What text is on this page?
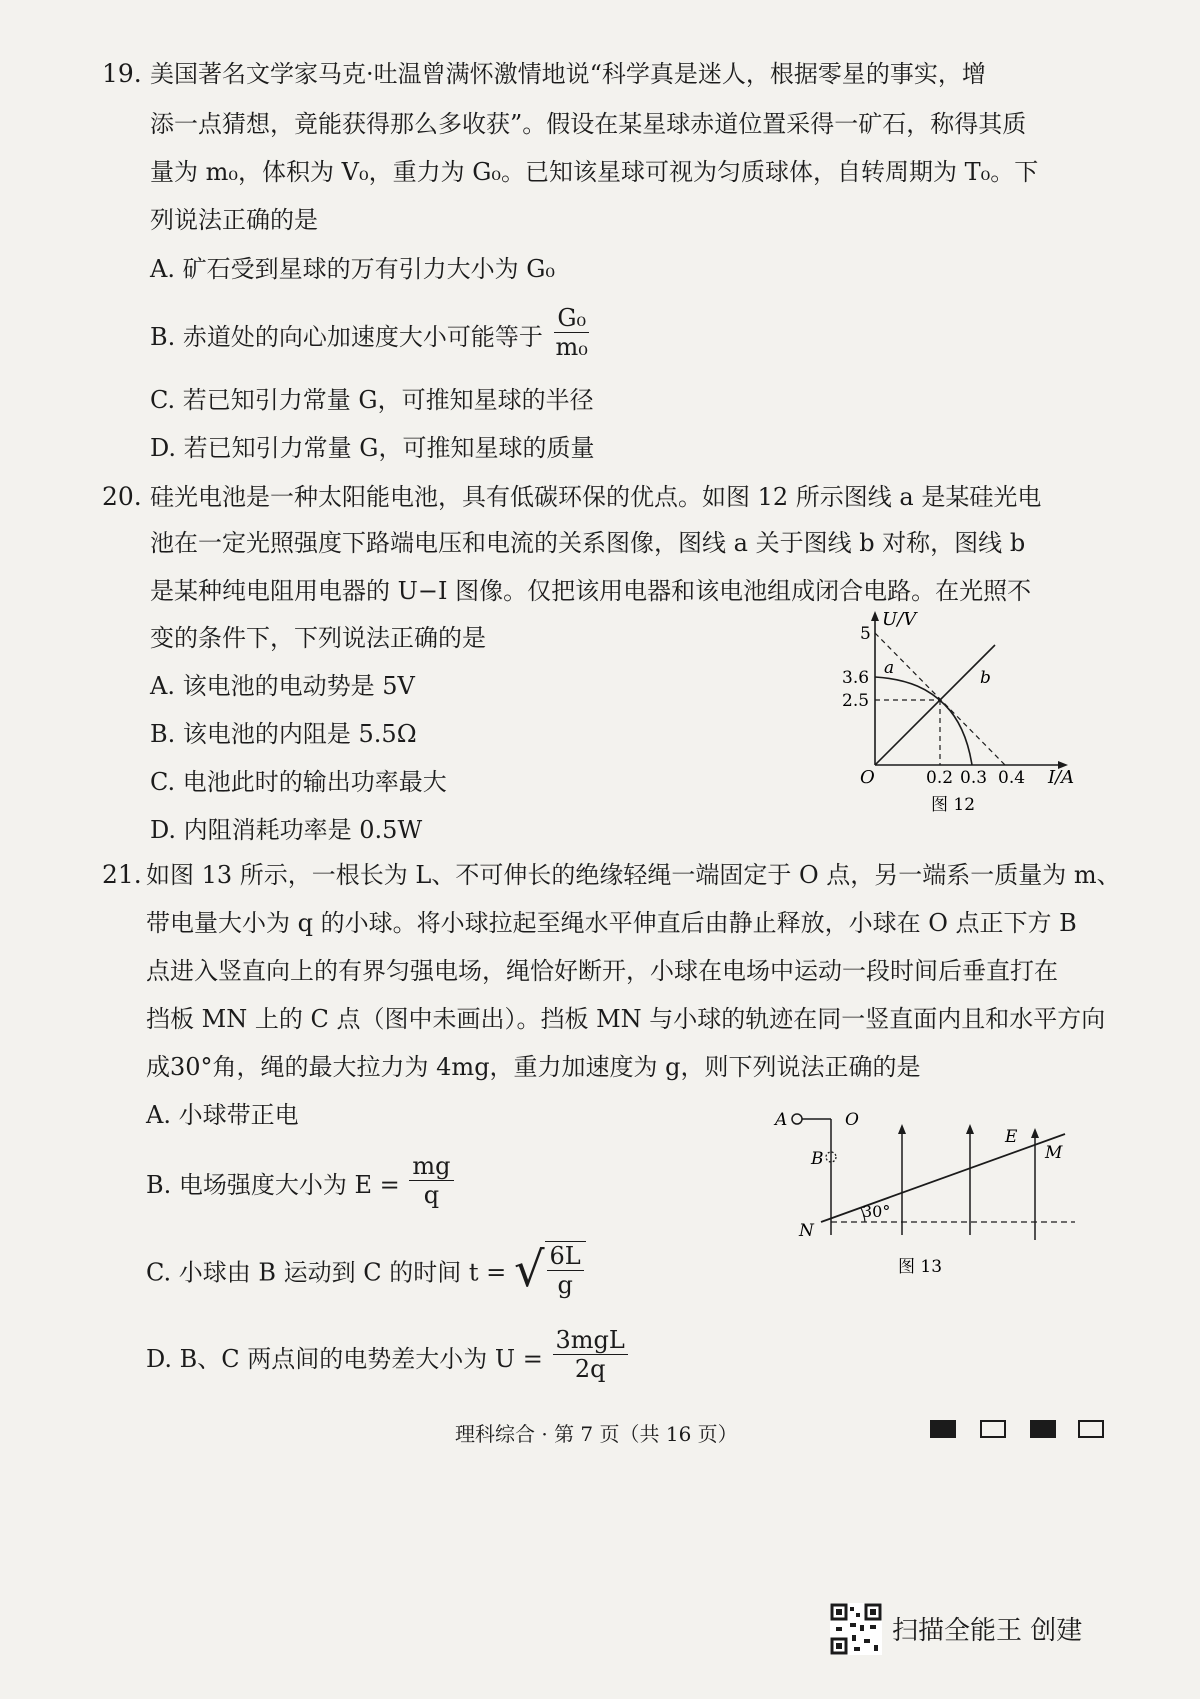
19. 美国著名文学家马克·吐温曾满怀激情地说“科学真是迷人，根据零星的事实，增
添一点猜想，竟能获得那么多收获”。假设在某星球赤道位置采得一矿石，称得其质
量为 m₀，体积为 V₀，重力为 G₀。已知该星球可视为匀质球体，自转周期为 T₀。下
列说法正确的是
A. 矿石受到星球的万有引力大小为 G₀
B. 赤道处的向心加速度大小可能等于 $\frac{\text{G₀}}{\text{m₀}}$
C. 若已知引力常量 G，可推知星球的半径
D. 若已知引力常量 G，可推知星球的质量
20. 硅光电池是一种太阳能电池，具有低碳环保的优点。如图 12 所示图线 a 是某硅光电
池在一定光照强度下路端电压和电流的关系图像，图线 a 关于图线 b 对称，图线 b
是某种纯电阻用电器的 U−I 图像。仅把该用电器和该电池组成闭合电路。在光照不
变的条件下，下列说法正确的是
A. 该电池的电动势是 5V
B. 该电池的内阻是 5.5Ω
C. 电池此时的输出功率最大
D. 内阻消耗功率是 0.5W
U/V
I/A
O
5
3.6
2.5
0.2 0.3 0.4
a	b
图 12
21. 如图 13 所示，一根长为 L、不可伸长的绝缘轻绳一端固定于 O 点，另一端系一质量为 m、
带电量大小为 q 的小球。将小球拉起至绳水平伸直后由静止释放，小球在 O 点正下方 B
点进入竖直向上的有界匀强电场，绳恰好断开，小球在电场中运动一段时间后垂直打在
挡板 MN 上的 C 点（图中未画出）。挡板 MN 与小球的轨迹在同一竖直面内且和水平方向
成30°角，绳的最大拉力为 4mg，重力加速度为 g，则下列说法正确的是
A. 小球带正电
B. 电场强度大小为 $E = \frac{mg}{q}$
C. 小球由 B 运动到 C 的时间 t = √ $\frac{6L}{g}$
D. B、C 两点间的电势差大小为 $U = \frac{\text{3mgL}}{2q}$
A	O
B
N
E
M
30°
图 13
理科综合 · 第 7 页（共 16 页）
扫描全能王 创建
